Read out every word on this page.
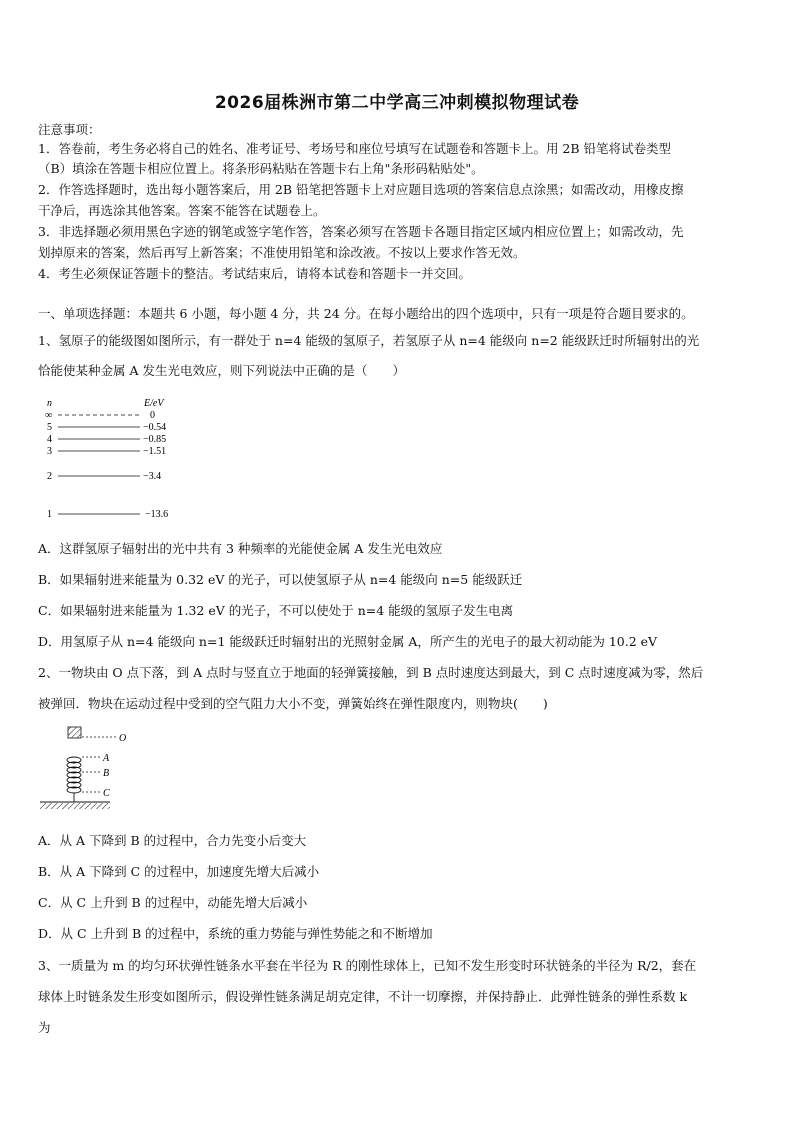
2026届株洲市第二中学高三冲刺模拟物理试卷
注意事项：
1．答卷前，考生务必将自己的姓名、准考证号、考场号和座位号填写在试题卷和答题卡上。用 2B 铅笔将试卷类型
（B）填涂在答题卡相应位置上。将条形码粘贴在答题卡右上角"条形码粘贴处"。
2．作答选择题时，选出每小题答案后，用 2B 铅笔把答题卡上对应题目选项的答案信息点涂黑；如需改动，用橡皮擦
干净后，再选涂其他答案。答案不能答在试题卷上。
3．非选择题必须用黑色字迹的钢笔或签字笔作答，答案必须写在答题卡各题目指定区域内相应位置上；如需改动，先
划掉原来的答案，然后再写上新答案；不准使用铅笔和涂改液。不按以上要求作答无效。
4．考生必须保证答题卡的整洁。考试结束后，请将本试卷和答题卡一并交回。
一、单项选择题：本题共 6 小题，每小题 4 分，共 24 分。在每小题给出的四个选项中，只有一项是符合题目要求的。
1、氢原子的能级图如图所示，有一群处于 n=4 能级的氢原子，若氢原子从 n=4 能级向 n=2 能级跃迁时所辐射出的光
恰能使某种金属 A 发生光电效应，则下列说法中正确的是（　　）
n	E/eV
∞	0
5	−0.54
4	−0.85
3	−1.51
2	−3.4
1	−13.6
A．这群氢原子辐射出的光中共有 3 种频率的光能使金属 A 发生光电效应
B．如果辐射进来能量为 0.32 eV 的光子，可以使氢原子从 n=4 能级向 n=5 能级跃迁
C．如果辐射进来能量为 1.32 eV 的光子，不可以使处于 n=4 能级的氢原子发生电离
D．用氢原子从 n=4 能级向 n=1 能级跃迁时辐射出的光照射金属 A，所产生的光电子的最大初动能为 10.2 eV
2、一物块由 O 点下落，到 A 点时与竖直立于地面的轻弹簧接触，到 B 点时速度达到最大，到 C 点时速度减为零，然后
被弹回．物块在运动过程中受到的空气阻力大小不变，弹簧始终在弹性限度内，则物块(　　)
O
A
B
C
A．从 A 下降到 B 的过程中，合力先变小后变大
B．从 A 下降到 C 的过程中，加速度先增大后减小
C．从 C 上升到 B 的过程中，动能先增大后减小
D．从 C 上升到 B 的过程中，系统的重力势能与弹性势能之和不断增加
3、一质量为 m 的均匀环状弹性链条水平套在半径为 R 的刚性球体上，已知不发生形变时环状链条的半径为 R/2，套在
球体上时链条发生形变如图所示，假设弹性链条满足胡克定律，不计一切摩擦，并保持静止．此弹性链条的弹性系数 k
为
